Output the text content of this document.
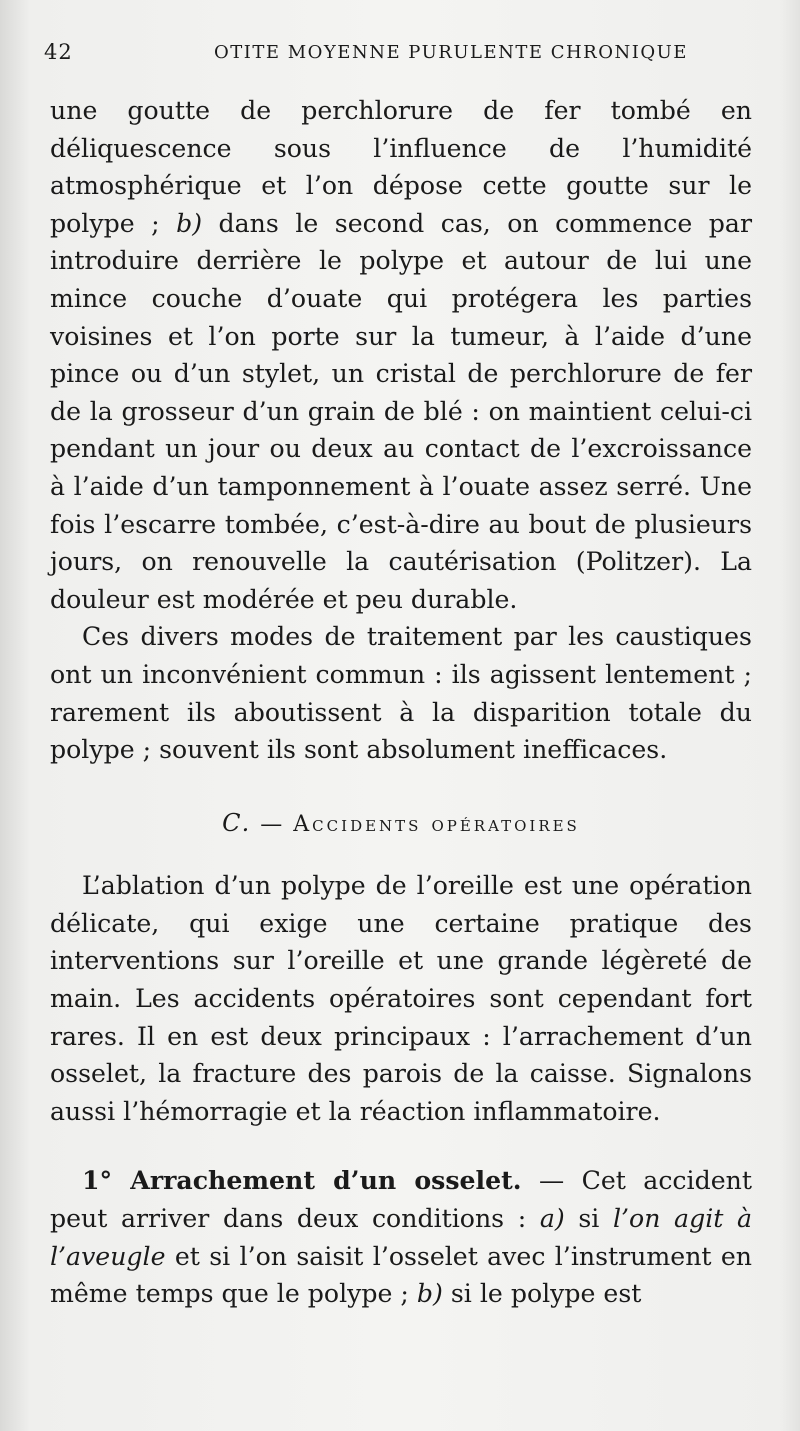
42	OTITE MOYENNE PURULENTE CHRONIQUE

une goutte de perchlorure de fer tombé en déliquescence sous l’influence de l’humidité atmosphérique et l’on dépose cette goutte sur le polype ; b) dans le second cas, on commence par introduire derrière le polype et autour de lui une mince couche d’ouate qui protégera les parties voisines et l’on porte sur la tumeur, à l’aide d’une pince ou d’un stylet, un cristal de perchlorure de fer de la grosseur d’un grain de blé : on maintient celui-ci pendant un jour ou deux au contact de l’excroissance à l’aide d’un tamponnement à l’ouate assez serré. Une fois l’escarre tombée, c’est-à-dire au bout de plusieurs jours, on renouvelle la cautérisation (Politzer). La douleur est modérée et peu durable.

Ces divers modes de traitement par les caustiques ont un inconvénient commun : ils agissent lentement ; rarement ils aboutissent à la disparition totale du polype ; souvent ils sont absolument inefficaces.

C. — Accidents opératoires

L’ablation d’un polype de l’oreille est une opération délicate, qui exige une certaine pratique des interventions sur l’oreille et une grande légèreté de main. Les accidents opératoires sont cependant fort rares. Il en est deux principaux : l’arrachement d’un osselet, la fracture des parois de la caisse. Signalons aussi l’hémorragie et la réaction inflammatoire.

1° Arrachement d’un osselet. — Cet accident peut arriver dans deux conditions : a) si l’on agit à l’aveugle et si l’on saisit l’osselet avec l’instrument en même temps que le polype ; b) si le polype est
